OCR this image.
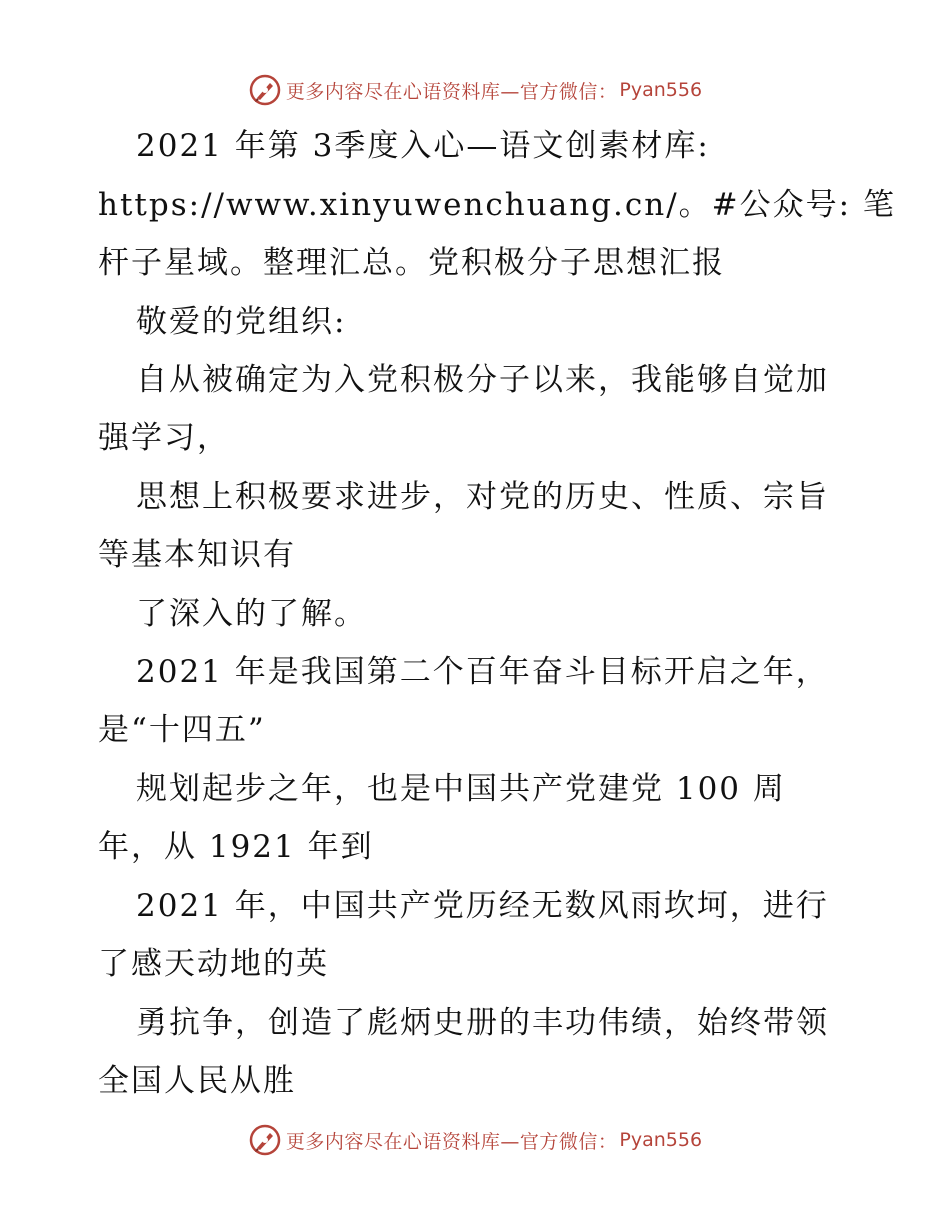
更多内容尽在心语资料库—官方微信： Pyan556
2021 年第 3季度入心—语文创素材库:
https://www.xinyuwenchuang.cn/。#公众号: 笔
杆子星域。整理汇总。党积极分子思想汇报
敬爱的党组织:
自从被确定为入党积极分子以来，我能够自觉加
强学习，
思想上积极要求进步，对党的历史、性质、宗旨
等基本知识有
了深入的了解。
2021 年是我国第二个百年奋斗目标开启之年，
是“十四五”
规划起步之年，也是中国共产党建党 100 周
年，从 1921 年到
2021 年，中国共产党历经无数风雨坎坷，进行
了感天动地的英
勇抗争，创造了彪炳史册的丰功伟绩，始终带领
全国人民从胜
更多内容尽在心语资料库—官方微信： Pyan556
